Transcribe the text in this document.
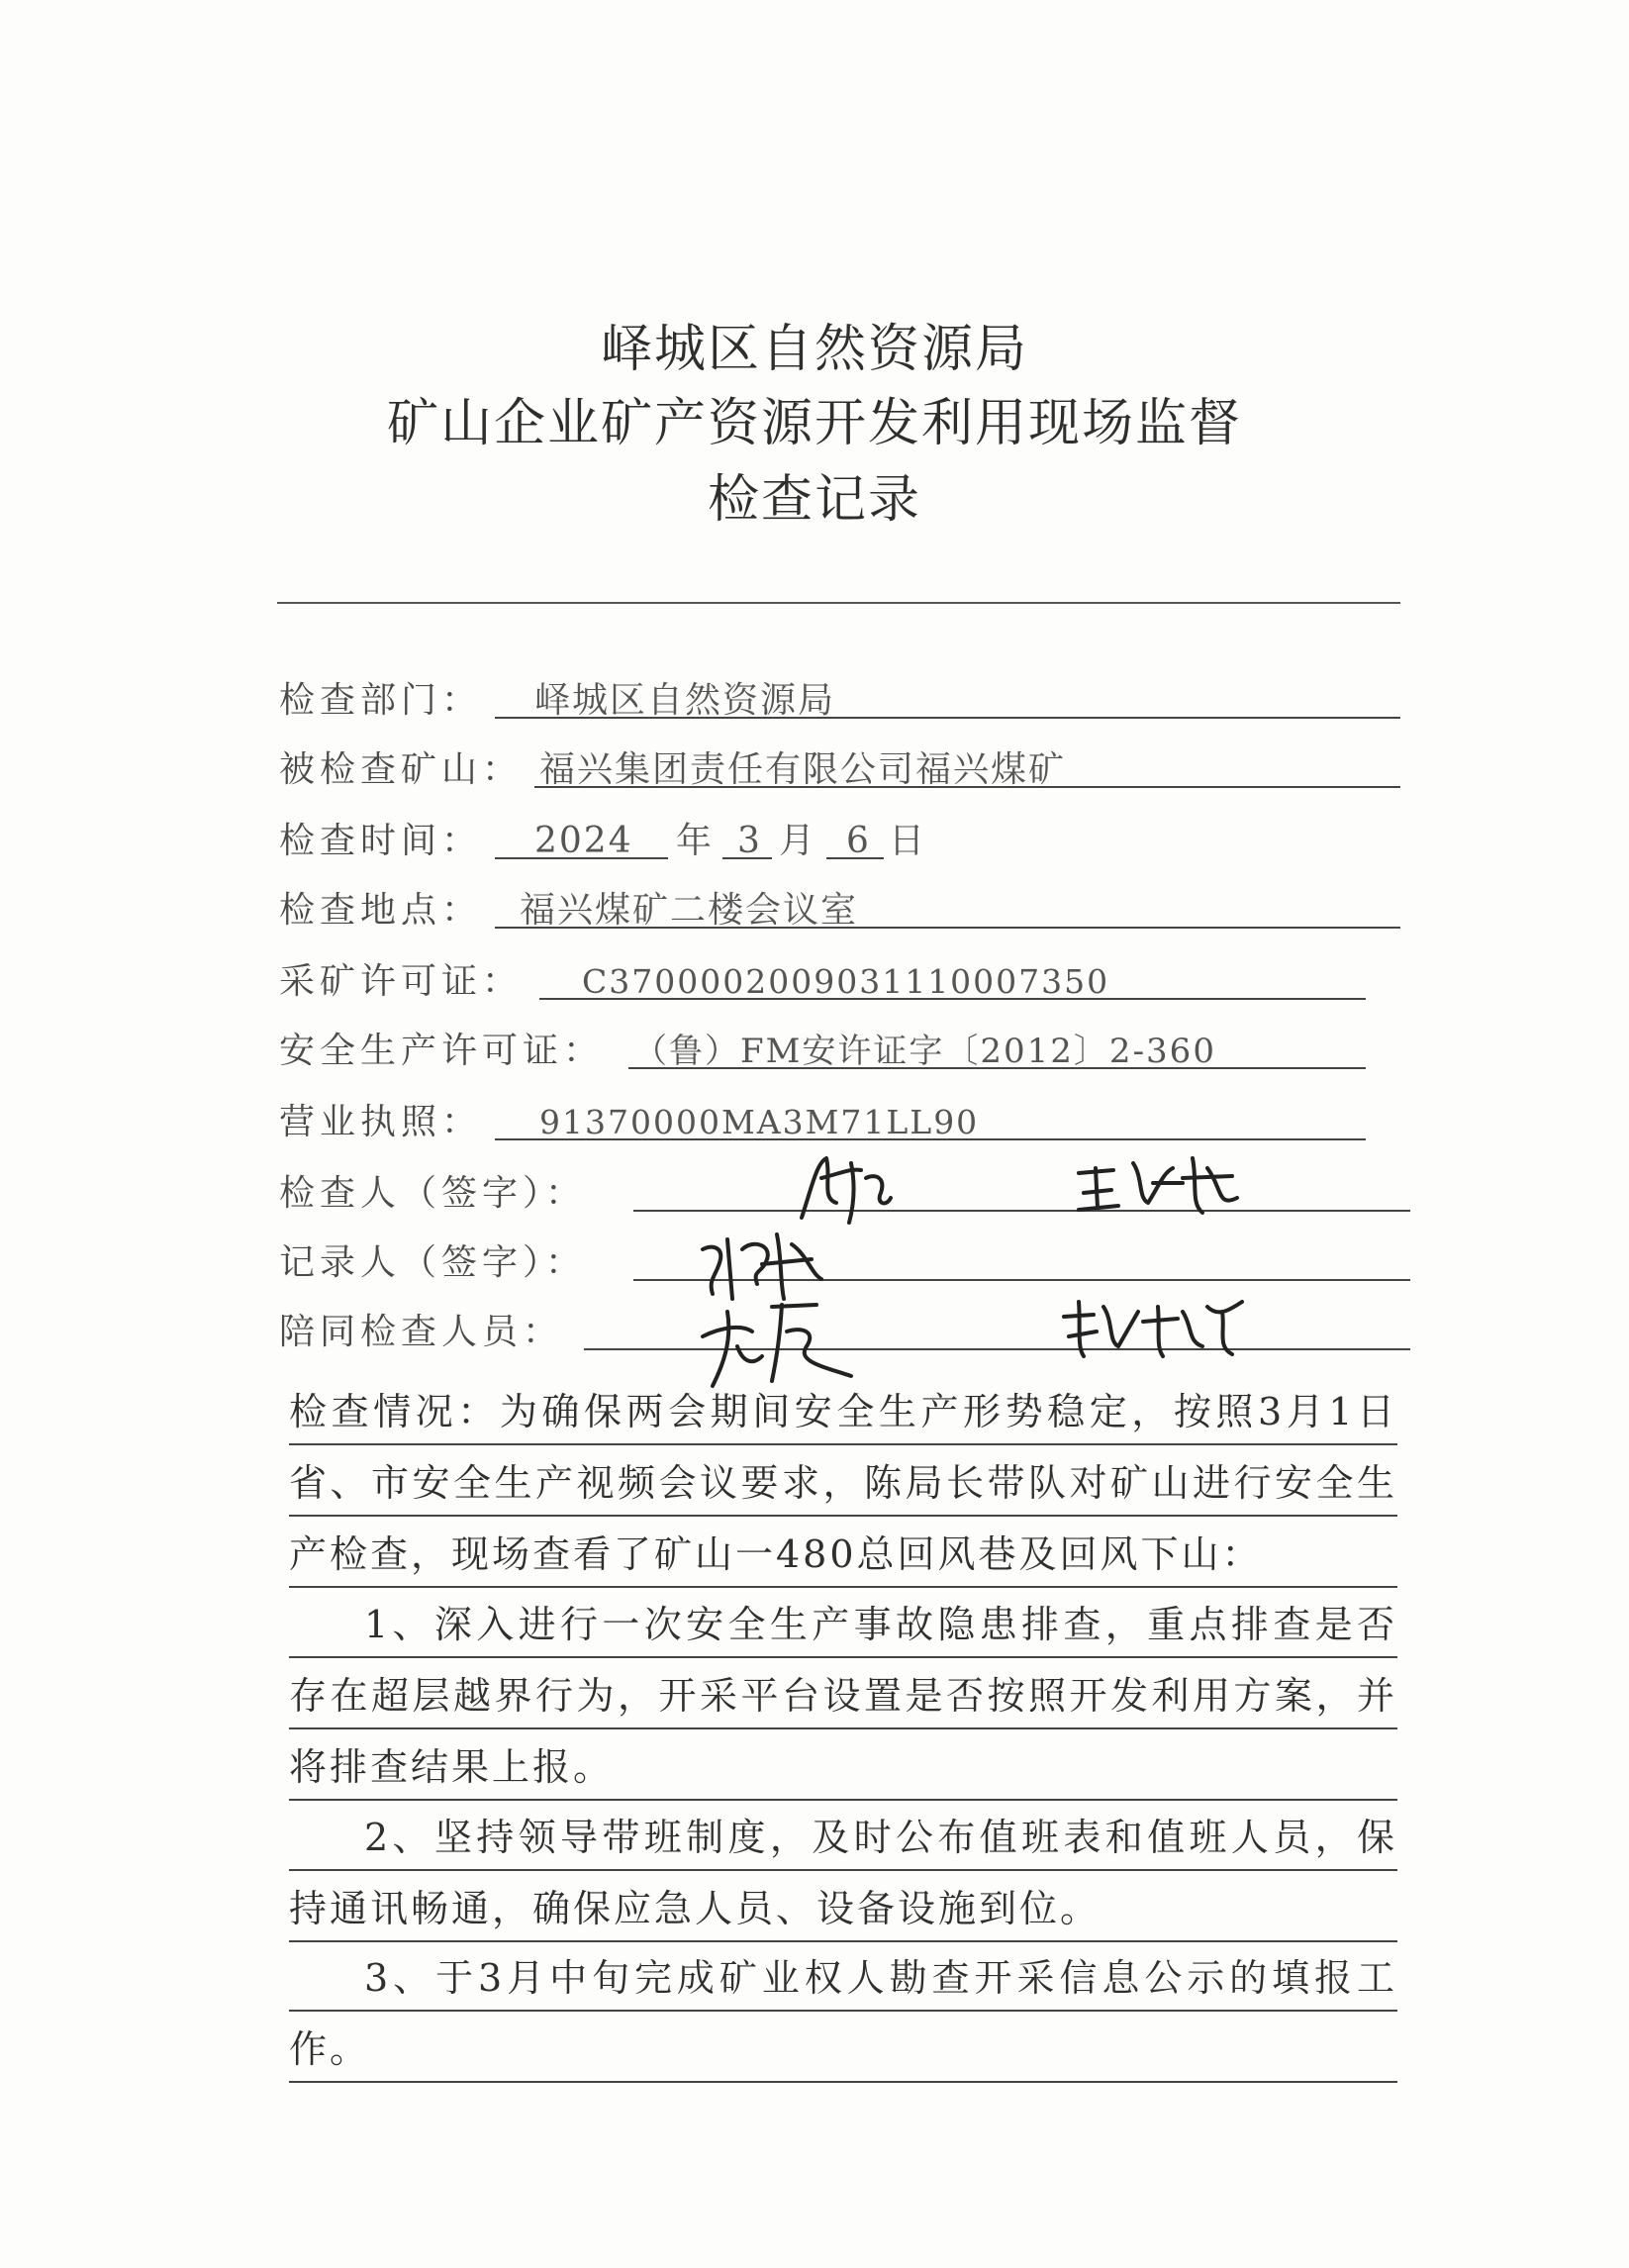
峄城区自然资源局
矿山企业矿产资源开发利用现场监督
检查记录
检查部门： 峄城区自然资源局
被检查矿山： 福兴集团责任有限公司福兴煤矿
检查时间： 2024 年 3 月 6 日
检查地点： 福兴煤矿二楼会议室
采矿许可证： C3700002009031110007350
安全生产许可证： （鲁）FM安许证字〔2012〕2-360
营业执照： 91370000MA3M71LL90
检查人（签字）：
记录人（签字）：
陪同检查人员：
检查情况：为确保两会期间安全生产形势稳定，按照3月1日省、市安全生产视频会议要求，陈局长带队对矿山进行安全生产检查，现场查看了矿山一480总回风巷及回风下山：
1、深入进行一次安全生产事故隐患排查，重点排查是否存在超层越界行为，开采平台设置是否按照开发利用方案，并将排查结果上报。
2、坚持领导带班制度，及时公布值班表和值班人员，保持通讯畅通，确保应急人员、设备设施到位。
3、于3月中旬完成矿业权人勘查开采信息公示的填报工作。
